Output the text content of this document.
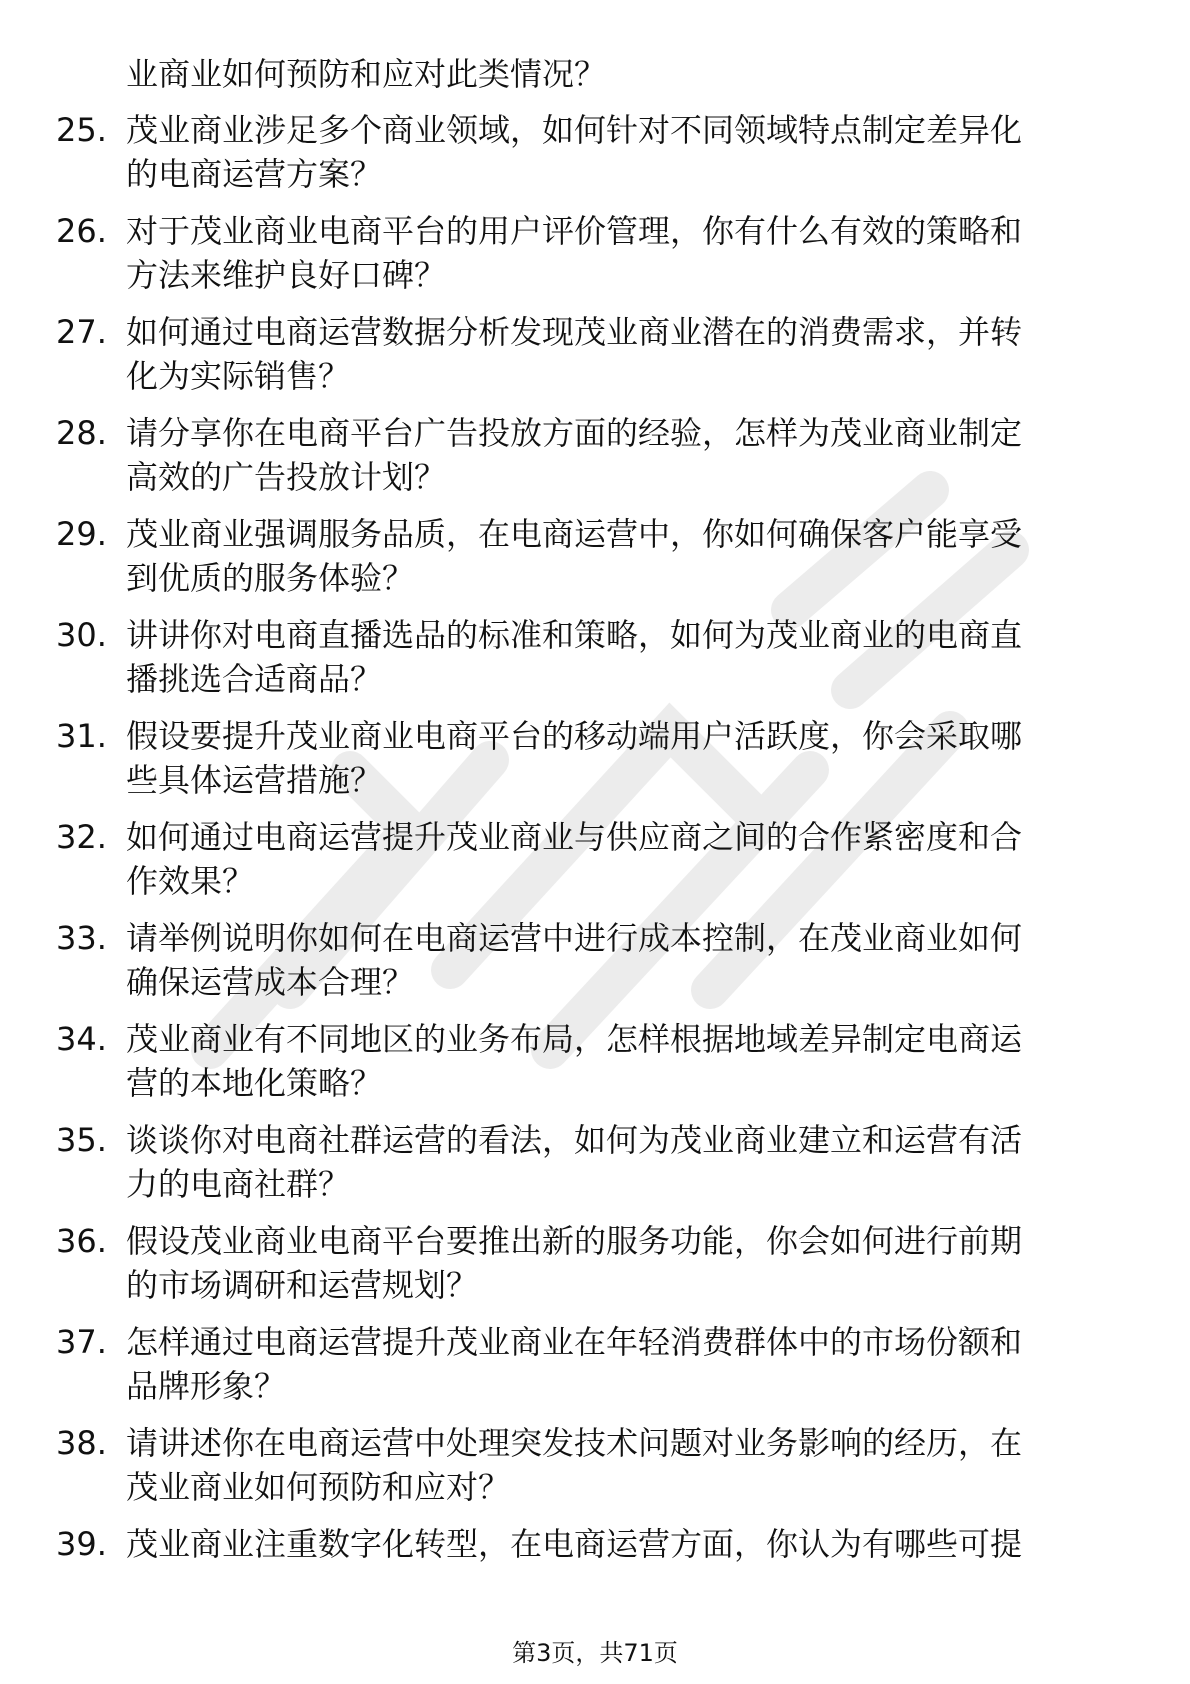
业商业如何预防和应对此类情况？
25. 茂业商业涉足多个商业领域，如何针对不同领域特点制定差异化
的电商运营方案？
26. 对于茂业商业电商平台的用户评价管理，你有什么有效的策略和
方法来维护良好口碑？
27. 如何通过电商运营数据分析发现茂业商业潜在的消费需求，并转
化为实际销售？
28. 请分享你在电商平台广告投放方面的经验，怎样为茂业商业制定
高效的广告投放计划？
29. 茂业商业强调服务品质，在电商运营中，你如何确保客户能享受
到优质的服务体验？
30. 讲讲你对电商直播选品的标准和策略，如何为茂业商业的电商直
播挑选合适商品？
31. 假设要提升茂业商业电商平台的移动端用户活跃度，你会采取哪
些具体运营措施？
32. 如何通过电商运营提升茂业商业与供应商之间的合作紧密度和合
作效果？
33. 请举例说明你如何在电商运营中进行成本控制，在茂业商业如何
确保运营成本合理？
34. 茂业商业有不同地区的业务布局，怎样根据地域差异制定电商运
营的本地化策略？
35. 谈谈你对电商社群运营的看法，如何为茂业商业建立和运营有活
力的电商社群？
36. 假设茂业商业电商平台要推出新的服务功能，你会如何进行前期
的市场调研和运营规划？
37. 怎样通过电商运营提升茂业商业在年轻消费群体中的市场份额和
品牌形象？
38. 请讲述你在电商运营中处理突发技术问题对业务影响的经历，在
茂业商业如何预防和应对？
39. 茂业商业注重数字化转型，在电商运营方面，你认为有哪些可提
第3页，共71页
